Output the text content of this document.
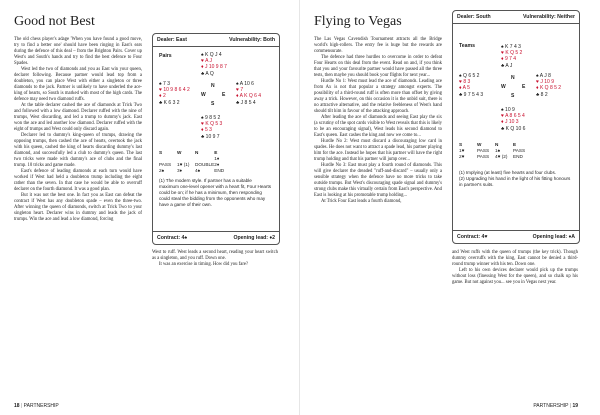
Good not Best

The old chess player's adage 'When you have found a good move, try to find a better one' should have been ringing in East's ears during the defence of this deal – from the Brighton Pairs. Cover up West's and South's hands and try to find the best defence to Four Spades.

West led the two of diamonds and you as East win your queen, declarer following. Because partner would lead top from a doubleton, you can place West with either a singleton or three diamonds to the jack. Partner is unlikely to have underled the ace-king of hearts, so South is marked with most of the high cards. The defence may need two diamond ruffs.

At the table declarer cashed the ace of diamonds at Trick Two and followed with a low diamond. Declarer ruffed with the nine of trumps, West discarding, and led a trump to dummy's jack. East won the ace and led another low diamond. Declarer ruffed with the eight of trumps and West could only discard again.

Declarer led to dummy's king-queen of trumps, drawing the opposing trumps, then cashed the ace of hearts, overtook the jack with his queen, cashed the king of hearts discarding dummy's last diamond, and successfully led a club to dummy's queen. The last two tricks were made with dummy's ace of clubs and the final trump. 10 tricks and game made.

East's defence of leading diamonds at each turn would have worked if West had held a doubleton trump including the eight rather than the seven. In that case he would be able to overruff declarer on the fourth diamond. It was a good plan.

But it was not the best one. In fact you as East can defeat the contract if West has any doubleton spade – even the three-two. After winning the queen of diamonds, switch at Trick Two to your singleton heart. Declarer wins in dummy and leads the jack of trumps. Win the ace and lead a low diamond, forcing

Dealer: East	Vulnerability: Both
Pairs	♠ K Q J 4
♥ A J
♦ J 10 9 8 7
♣ A Q
♠ 7 3
♥ 10 9 8 6 4 2
♦ 2
♣ K 6 3 2
N
W	E
S
♠ A 10 6
♥ 7
♦ A K Q 6 4
♣ J 8 5 4
♠ 9 8 5 2
♥ K Q 5 3
♦ 5 3
♣ 10 9 7
S	W	N	E
			1♦
PASS	1♥ (1)	DOUBLE	2♦
2♠	3♦	4♠	END

(1) The modern style. If partner has a suitable maximum one-level opener with a heart fit, Four Hearts could be on; if he has a minimum, then responding could steal the bidding from the opponents who may have a game of their own.

Contract: 4♠	Opening lead: ♦2

West to ruff. West leads a second heart, reading your heart switch as a singleton, and you ruff. Down one.

It was an exercise in timing. How did you fare?

18 | PARTNERSHIP
Flying to Vegas

The Las Vegas Cavendish Tournament attracts all the Bridge world's high-rollers. The entry fee is huge but the rewards are commensurate.

The defence had three hurdles to overcome in order to defeat Four Hearts on this deal from the event. Read on and, if you think that you and your favourite partner would have passed all the three tests, then maybe you should book your flights for next year...

Hurdle No 1: West must lead the ace of diamonds. Leading ace from Ax is not that popular a strategy amongst experts. The possibility of a third-round ruff is often more than offset by giving away a trick. However, on this occasion it is the unbid suit, there is no attractive alternative, and the relative feebleness of West's hand should tilt him in favour of the attacking approach.

After leading the ace of diamonds and seeing East play the six (a scrutiny of the spot cards visible to West reveals that this is likely to be an encouraging signal), West leads his second diamond to East's queen. East cashes the king and now we come to...

Hurdle No 2: West must discard a discouraging low card in spades. He does not want to attract a spade lead, his partner playing him for the ace. Instead he hopes that his partner will have the right trump holding and that his partner will jump over...

Hurdle No 3: East must play a fourth round of diamonds. This will give declarer the dreaded "ruff-and-discard" – usually only a sensible strategy when the defence have no more tricks to take outside trumps. But West's discouraging spade signal and dummy's strong clubs make this virtually certain from East's perspective. And East is looking at his promotable trump holding...

At Trick Four East leads a fourth diamond,

Dealer: South	Vulnerability: Neither
Teams	♠ K 7 4 3
♥ K Q 5 2
♦ 9 7 4
♣ A J
♠ Q 6 5 2
♥ 8 3
♦ A 5
♣ 9 7 5 4 3
N
W	E
S
♠ A J 8
♥ J 10 9
♦ K Q 8 5 2
♣ 8 2
♠ 10 9
♥ A 8 6 5 4
♦ J 10 3
♣ K Q 10 6
S	W	N	E
1♥	PASS	1♠	PASS
2♥	PASS	4♥ (2)	END

(1) Implying (at least) five hearts and four clubs.
(2) Upgrading his hand in the light of his fitting honours in partner's suits.

Contract: 4♥	Opening lead: ♦A

and West ruffs with the queen of trumps (the key trick). Though dummy overruffs with the king, East cannot be denied a third-round trump winner with his ten. Down one.

Left to his own devices declarer would pick up the trumps without loss (finessing West for the queen), and so chalk up his game. But not against you... see you in Vegas next year.

PARTNERSHIP | 19
